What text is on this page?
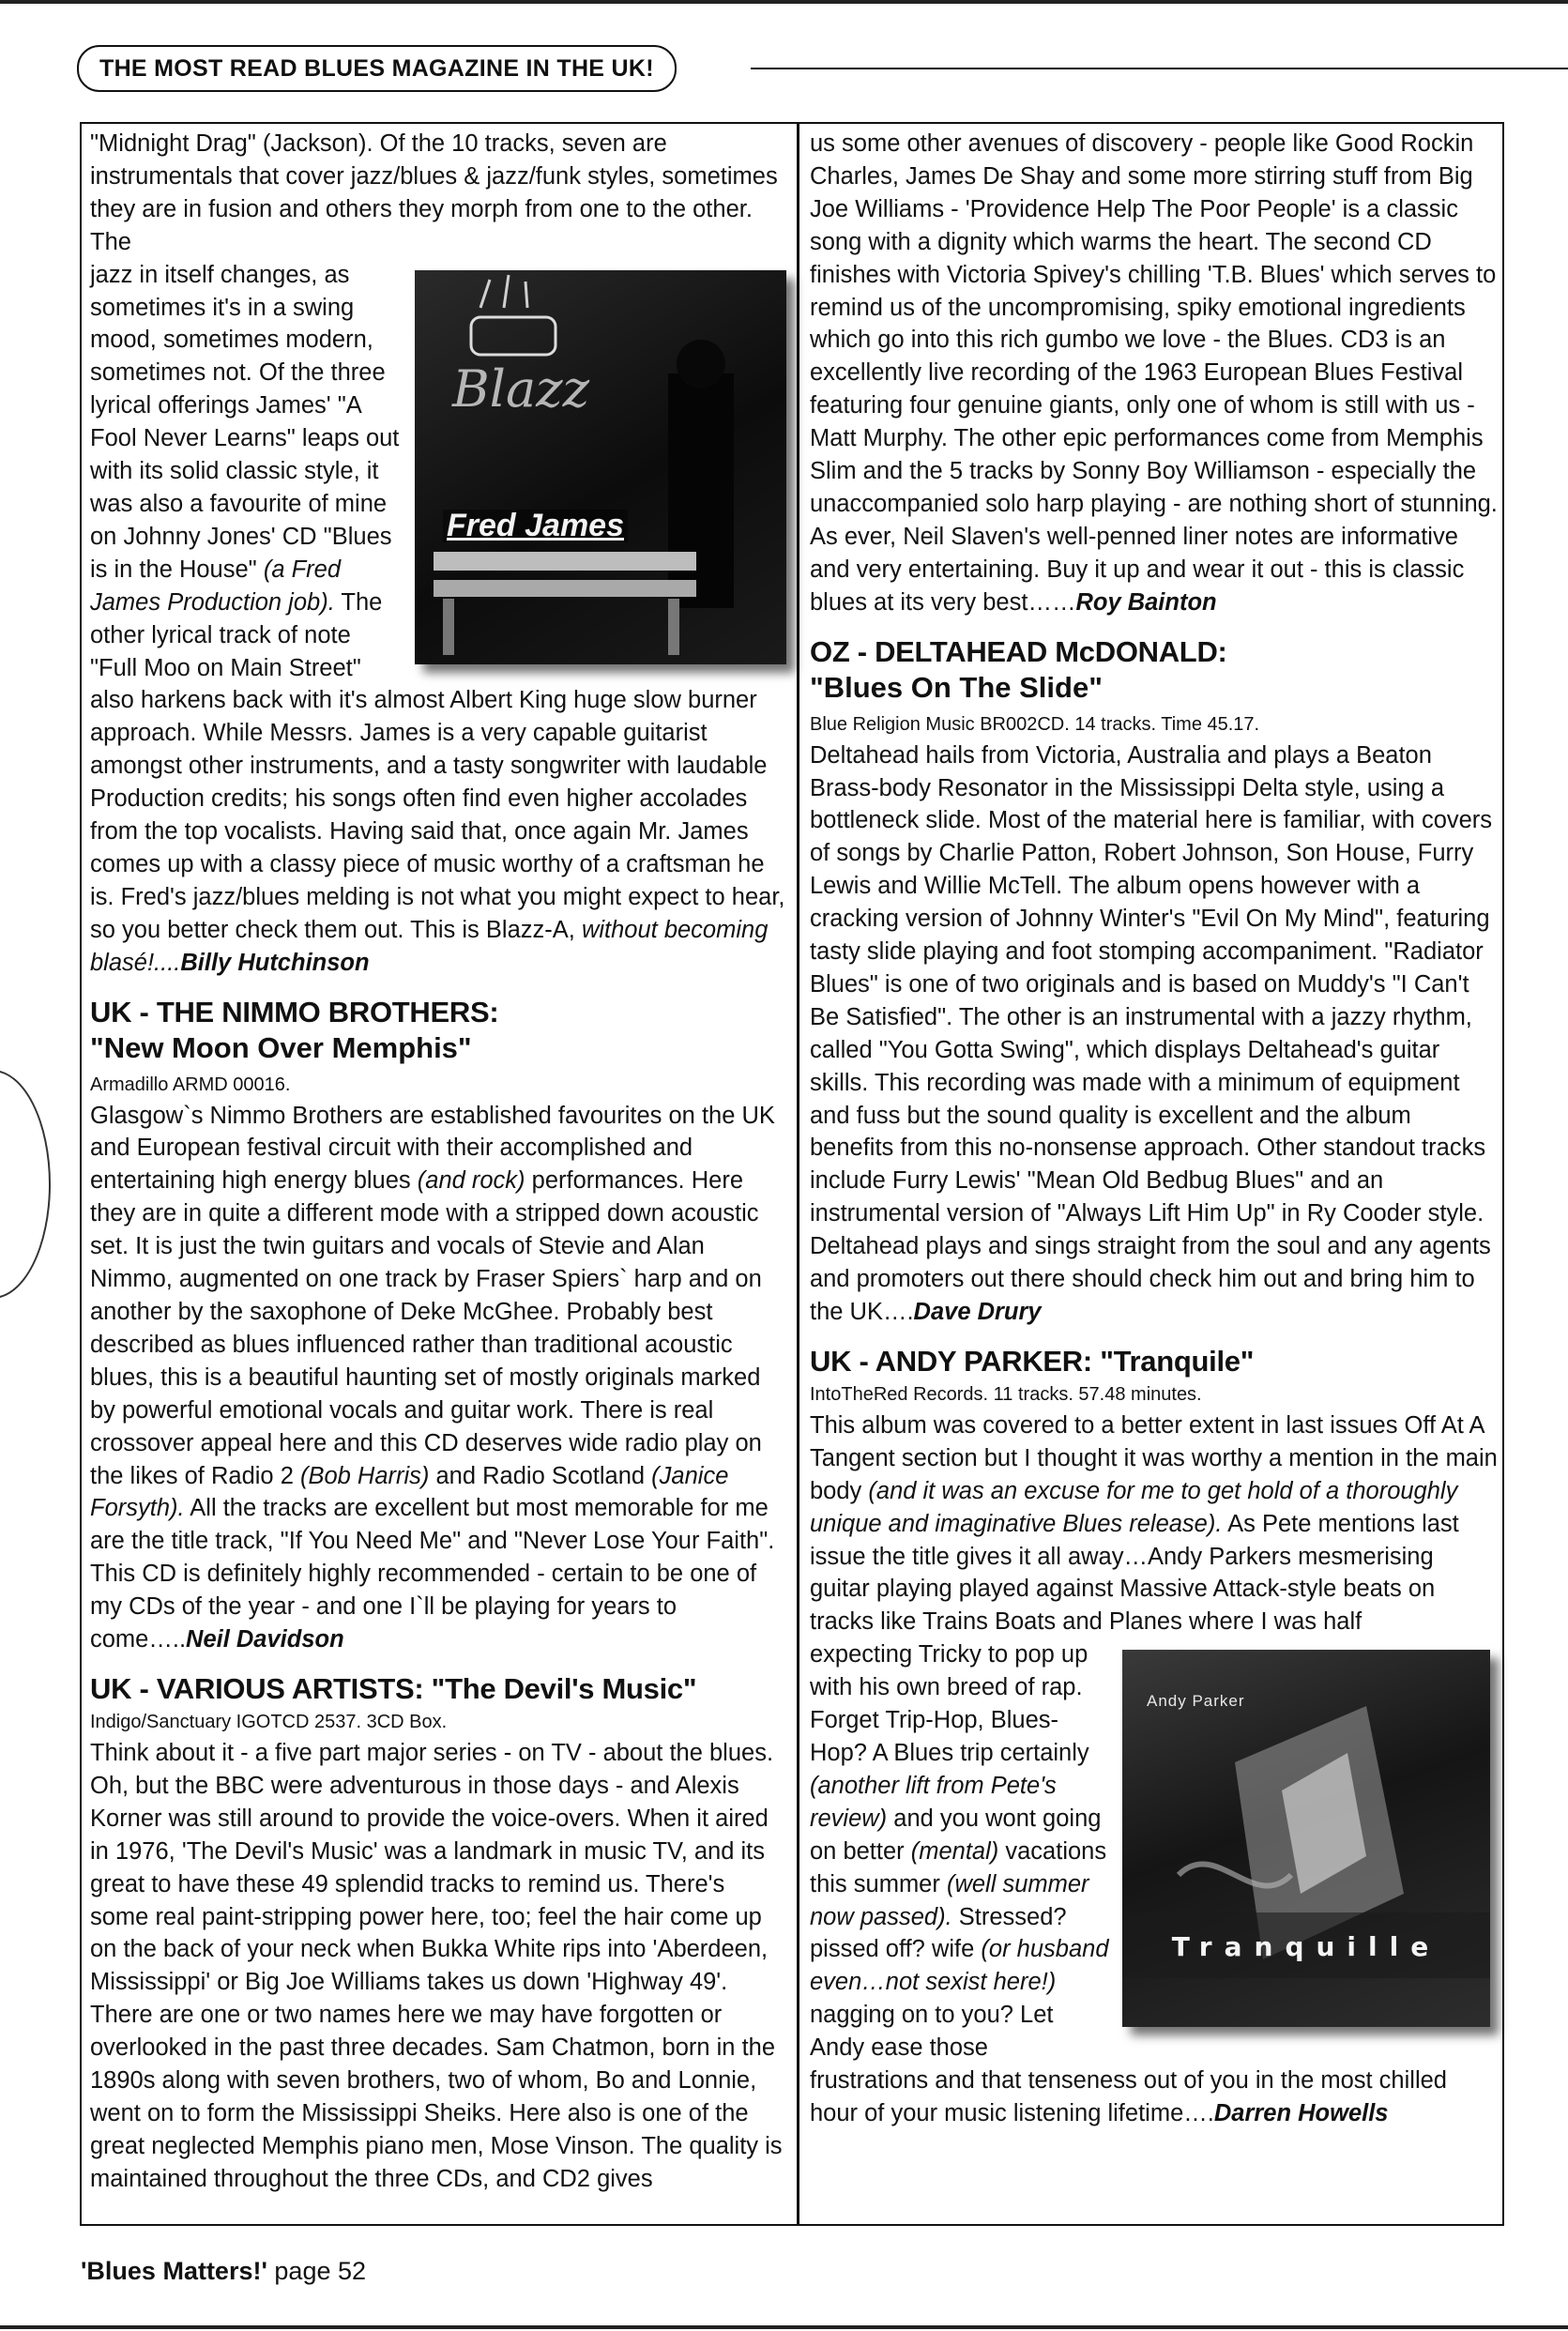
THE MOST READ BLUES MAGAZINE IN THE UK!

"Midnight Drag" (Jackson). Of the 10 tracks, seven are instrumentals that cover jazz/blues & jazz/funk styles, sometimes they are in fusion and others they morph from one to the other. The

Blazz
Fred James

jazz in itself changes, as sometimes it's in a swing mood, sometimes modern, sometimes not. Of the three lyrical offerings James' "A Fool Never Learns" leaps out with its solid classic style, it was also a favourite of mine on Johnny Jones' CD "Blues is in the House" (a Fred James Production job). The other lyrical track of note "Full Moo on Main Street" also harkens back with it's almost Albert King huge slow burner approach. While Messrs. James is a very capable guitarist amongst other instruments, and a tasty songwriter with laudable Production credits; his songs often find even higher accolades from the top vocalists. Having said that, once again Mr. James comes up with a classy piece of music worthy of a craftsman he is. Fred's jazz/blues melding is not what you might expect to hear, so you better check them out. This is Blazz-A, without becoming blasé!....Billy Hutchinson

UK - THE NIMMO BROTHERS:
"New Moon Over Memphis"
Armadillo ARMD 00016.

Glasgow`s Nimmo Brothers are established favourites on the UK and European festival circuit with their accomplished and entertaining high energy blues (and rock) performances. Here they are in quite a different mode with a stripped down acoustic set. It is just the twin guitars and vocals of Stevie and Alan Nimmo, augmented on one track by Fraser Spiers` harp and on another by the saxophone of Deke McGhee. Probably best described as blues influenced rather than traditional acoustic blues, this is a beautiful haunting set of mostly originals marked by powerful emotional vocals and guitar work. There is real crossover appeal here and this CD deserves wide radio play on the likes of Radio 2 (Bob Harris) and Radio Scotland (Janice Forsyth). All the tracks are excellent but most memorable for me are the title track, "If You Need Me" and "Never Lose Your Faith". This CD is definitely highly recommended - certain to be one of my CDs of the year - and one I`ll be playing for years to come…..Neil Davidson

UK - VARIOUS ARTISTS: "The Devil's Music"
Indigo/Sanctuary IGOTCD 2537. 3CD Box.

Think about it - a five part major series - on TV - about the blues. Oh, but the BBC were adventurous in those days - and Alexis Korner was still around to provide the voice-overs. When it aired in 1976, 'The Devil's Music' was a landmark in music TV, and its great to have these 49 splendid tracks to remind us. There's some real paint-stripping power here, too; feel the hair come up on the back of your neck when Bukka White rips into 'Aberdeen, Mississippi' or Big Joe Williams takes us down 'Highway 49'. There are one or two names here we may have forgotten or overlooked in the past three decades. Sam Chatmon, born in the 1890s along with seven brothers, two of whom, Bo and Lonnie, went on to form the Mississippi Sheiks. Here also is one of the great neglected Memphis piano men, Mose Vinson. The quality is maintained throughout the three CDs, and CD2 gives

us some other avenues of discovery - people like Good Rockin Charles, James De Shay and some more stirring stuff from Big Joe Williams - 'Providence Help The Poor People' is a classic song with a dignity which warms the heart. The second CD finishes with Victoria Spivey's chilling 'T.B. Blues' which serves to remind us of the uncompromising, spiky emotional ingredients which go into this rich gumbo we love - the Blues. CD3 is an excellently live recording of the 1963 European Blues Festival featuring four genuine giants, only one of whom is still with us - Matt Murphy. The other epic performances come from Memphis Slim and the 5 tracks by Sonny Boy Williamson - especially the unaccompanied solo harp playing - are nothing short of stunning. As ever, Neil Slaven's well-penned liner notes are informative and very entertaining. Buy it up and wear it out - this is classic blues at its very best……Roy Bainton

OZ - DELTAHEAD McDONALD:
"Blues On The Slide"
Blue Religion Music BR002CD. 14 tracks. Time 45.17.

Deltahead hails from Victoria, Australia and plays a Beaton Brass-body Resonator in the Mississippi Delta style, using a bottleneck slide. Most of the material here is familiar, with covers of songs by Charlie Patton, Robert Johnson, Son House, Furry Lewis and Willie McTell. The album opens however with a cracking version of Johnny Winter's "Evil On My Mind", featuring tasty slide playing and foot stomping accompaniment. "Radiator Blues" is one of two originals and is based on Muddy's "I Can't Be Satisfied". The other is an instrumental with a jazzy rhythm, called "You Gotta Swing", which displays Deltahead's guitar skills. This recording was made with a minimum of equipment and fuss but the sound quality is excellent and the album benefits from this no-nonsense approach. Other standout tracks include Furry Lewis' "Mean Old Bedbug Blues" and an instrumental version of "Always Lift Him Up" in Ry Cooder style. Deltahead plays and sings straight from the soul and any agents and promoters out there should check him out and bring him to the UK….Dave Drury

UK - ANDY PARKER: "Tranquile"
IntoTheRed Records. 11 tracks. 57.48 minutes.

This album was covered to a better extent in last issues Off At A Tangent section but I thought it was worthy a mention in the main body (and it was an excuse for me to get hold of a thoroughly unique and imaginative Blues release). As Pete mentions last issue the title gives it all away…Andy Parkers mesmerising guitar playing played against Massive Attack-style beats on tracks like Trains Boats and Planes where I was half

Andy Parker
Tranquille

expecting Tricky to pop up with his own breed of rap. Forget Trip-Hop, Blues-Hop? A Blues trip certainly (another lift from Pete's review) and you wont going on better (mental) vacations this summer (well summer now passed). Stressed? pissed off? wife (or husband even…not sexist here!) nagging on to you? Let Andy ease those frustrations and that tenseness out of you in the most chilled hour of your music listening lifetime….Darren Howells

'Blues Matters!' page 52
